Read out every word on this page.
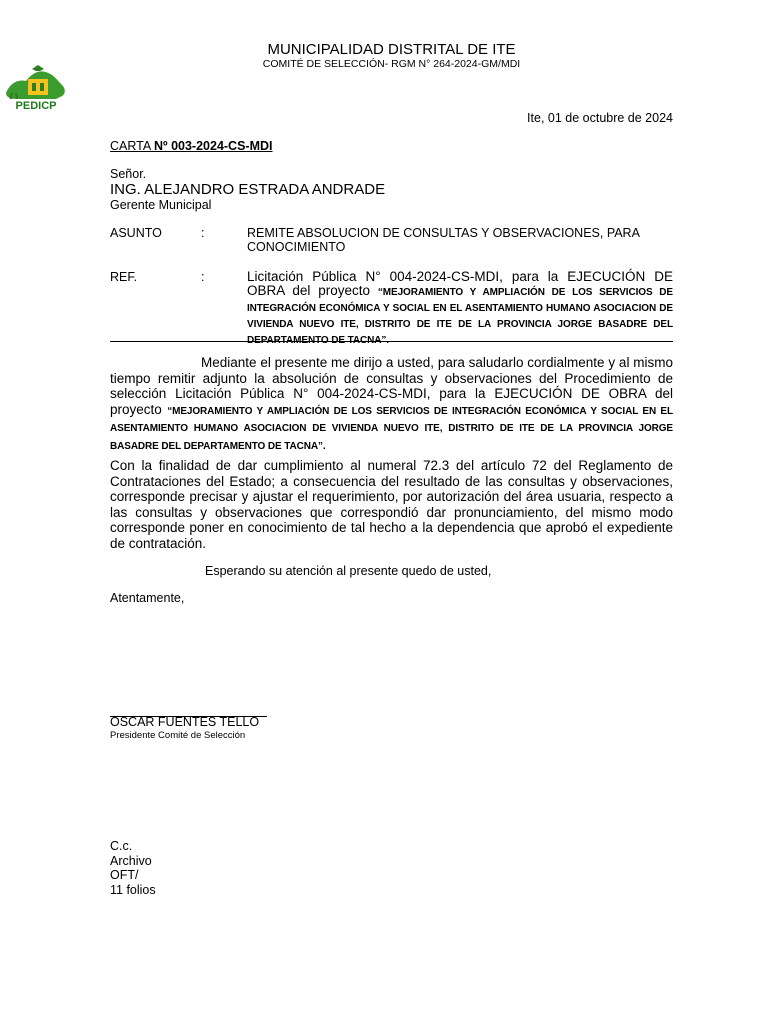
PEDICP
MUNICIPALIDAD DISTRITAL DE ITE
COMITÉ DE SELECCIÓN- RGM N° 264-2024-GM/MDI
Ite, 01 de octubre de 2024
CARTA Nº 003-2024-CS-MDI
Señor.
ING. ALEJANDRO ESTRADA ANDRADE
Gerente Municipal
ASUNTO	:	REMITE ABSOLUCION DE CONSULTAS Y OBSERVACIONES, PARA CONOCIMIENTO
REF.	:	Licitación Pública N° 004-2024-CS-MDI, para la EJECUCIÓN DE OBRA del proyecto “MEJORAMIENTO Y AMPLIACIÓN DE LOS SERVICIOS DE INTEGRACIÓN ECONÓMICA Y SOCIAL EN EL ASENTAMIENTO HUMANO ASOCIACION DE VIVIENDA NUEVO ITE, DISTRITO DE ITE DE LA PROVINCIA JORGE BASADRE DEL DEPARTAMENTO DE TACNA”.
Mediante el presente me dirijo a usted, para saludarlo cordialmente y al mismo tiempo remitir adjunto la absolución de consultas y observaciones del Procedimiento de selección Licitación Pública N° 004-2024-CS-MDI, para la EJECUCIÓN DE OBRA del proyecto “MEJORAMIENTO Y AMPLIACIÓN DE LOS SERVICIOS DE INTEGRACIÓN ECONÓMICA Y SOCIAL EN EL ASENTAMIENTO HUMANO ASOCIACION DE VIVIENDA NUEVO ITE, DISTRITO DE ITE DE LA PROVINCIA JORGE BASADRE DEL DEPARTAMENTO DE TACNA”.
Con la finalidad de dar cumplimiento al numeral 72.3 del artículo 72 del Reglamento de Contrataciones del Estado; a consecuencia del resultado de las consultas y observaciones, corresponde precisar y ajustar el requerimiento, por autorización del área usuaria, respecto a las consultas y observaciones que correspondió dar pronunciamiento, del mismo modo corresponde poner en conocimiento de tal hecho a la dependencia que aprobó el expediente de contratación.
Esperando su atención al presente quedo de usted,
Atentamente,
OSCAR FUENTES TELLO
Presidente Comité de Selección
C.c.
Archivo
OFT/
11 folios
